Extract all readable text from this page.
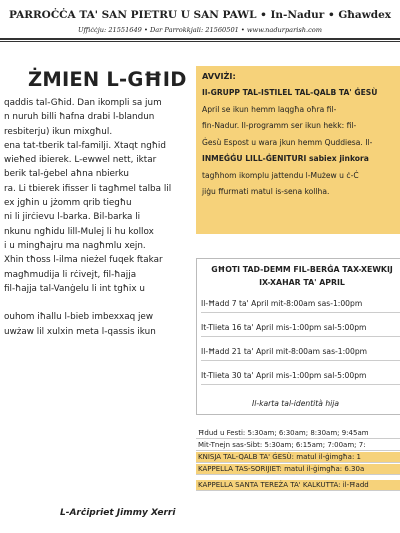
PARROĊĊA TA' SAN PIETRU U SAN PAWL • In-Nadur • Għawdex
Uffiċċju: 21551649 • Dar Parrokkjali: 21560501 • www.nadurparish.com
ŻMIEN L-GĦID

qaddis tal-Għid. Dan ikompli sa jum

n nuruh billi ħafna drabi l-blandun

resbiterju) ikun mixgħul.

ena tat-tberik tal-familji. Xtaqt ngħid

wieħed ibierek. L-ewwel nett, iktar

berik tal-ġebel aħna nbierku

ra. Li tbierek ifisser li tagħmel talba lil

ex jgħin u jżomm qrib tiegħu

ni li jirċievu l-barka. Bil-barka li

nkunu ngħidu lill-Mulej li hu kollox

i u mingħajru ma nagħmlu xejn.

Xhin tħoss l-ilma nieżel fuqek ftakar

magħmudija li rċivejt, fil-ħajja

fil-ħajja tal-Vanġelu li int tgħix u

ouhom iħallu l-bieb imbexxaq jew

uwżaw lil xulxin meta l-qassis ikun

L-Arċipriet Jimmy Xerri
AVVIŻI:

Il-GRUPP TAL-ISTILEL TAL-QALB TA' ĠESÙ

April se ikun hemm laqgħa oħra fil-

fin-Nadur. Il-programm ser ikun hekk: fil-

Ġesù Espost u wara jkun hemm Quddiesa. Il-

INMEĠĠU LILL-ĠENITURI sabiex jinkora

tagħhom ikomplu jattendu l-Mużew u ċ-Ċ

jiġu ffurmati matul is-sena kollha.

GĦOTI TAD-DEMM FIL-BERĠA TAX-XEWKIJ
IX-XAHAR TA' APRIL
Il-Ħadd 7 ta' April mit-8:00am sas-1:00pm
It-Tlieta 16 ta' April mis-1:00pm sal-5:00pm
Il-Ħadd 21 ta' April mit-8:00am sas-1:00pm
It-Tlieta 30 ta' April mis-1:00pm sal-5:00pm
Il-karta tal-identità hija
Ħdud u Festi: 5:30am; 6:30am; 8:30am; 9:45am
Mit-Tnejn sas-Sibt: 5:30am; 6:15am; 7:00am; 7:
KNISJA TAL-QALB TA' ĠESÙ: matul il-ġimgħa: 1
KAPPELLA TAS-SORIJIET: matul il-ġimgħa: 6.30a
KAPPELLA SANTA TEREŻA TA' KALKUTTA: il-Ħadd
